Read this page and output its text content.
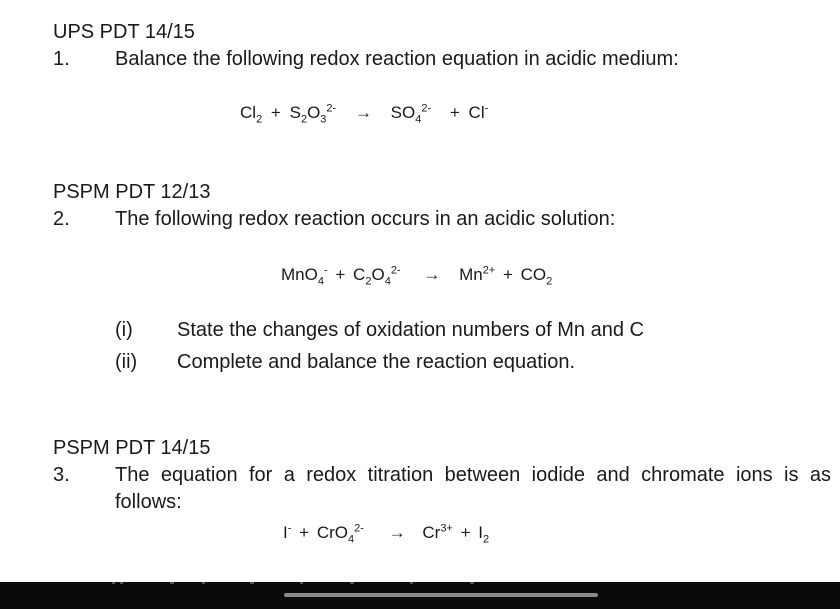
UPS PDT 14/15
1. Balance the following redox reaction equation in acidic medium:
$Cl_2 + S_2O_3^{2-} \to SO_4^{2-} + Cl^-$
PSPM PDT 12/13
2. The following redox reaction occurs in an acidic solution:
$MnO_4^- + C_2O_4^{2-} \to Mn^{2+} + CO_2$
(i) State the changes of oxidation numbers of Mn and C
(ii) Complete and balance the reaction equation.
PSPM PDT 14/15
3. The equation for a redox titration between iodide and chromate ions is as
follows:
$I^- + CrO_4^{2-} \to Cr^{3+} + I_2$
